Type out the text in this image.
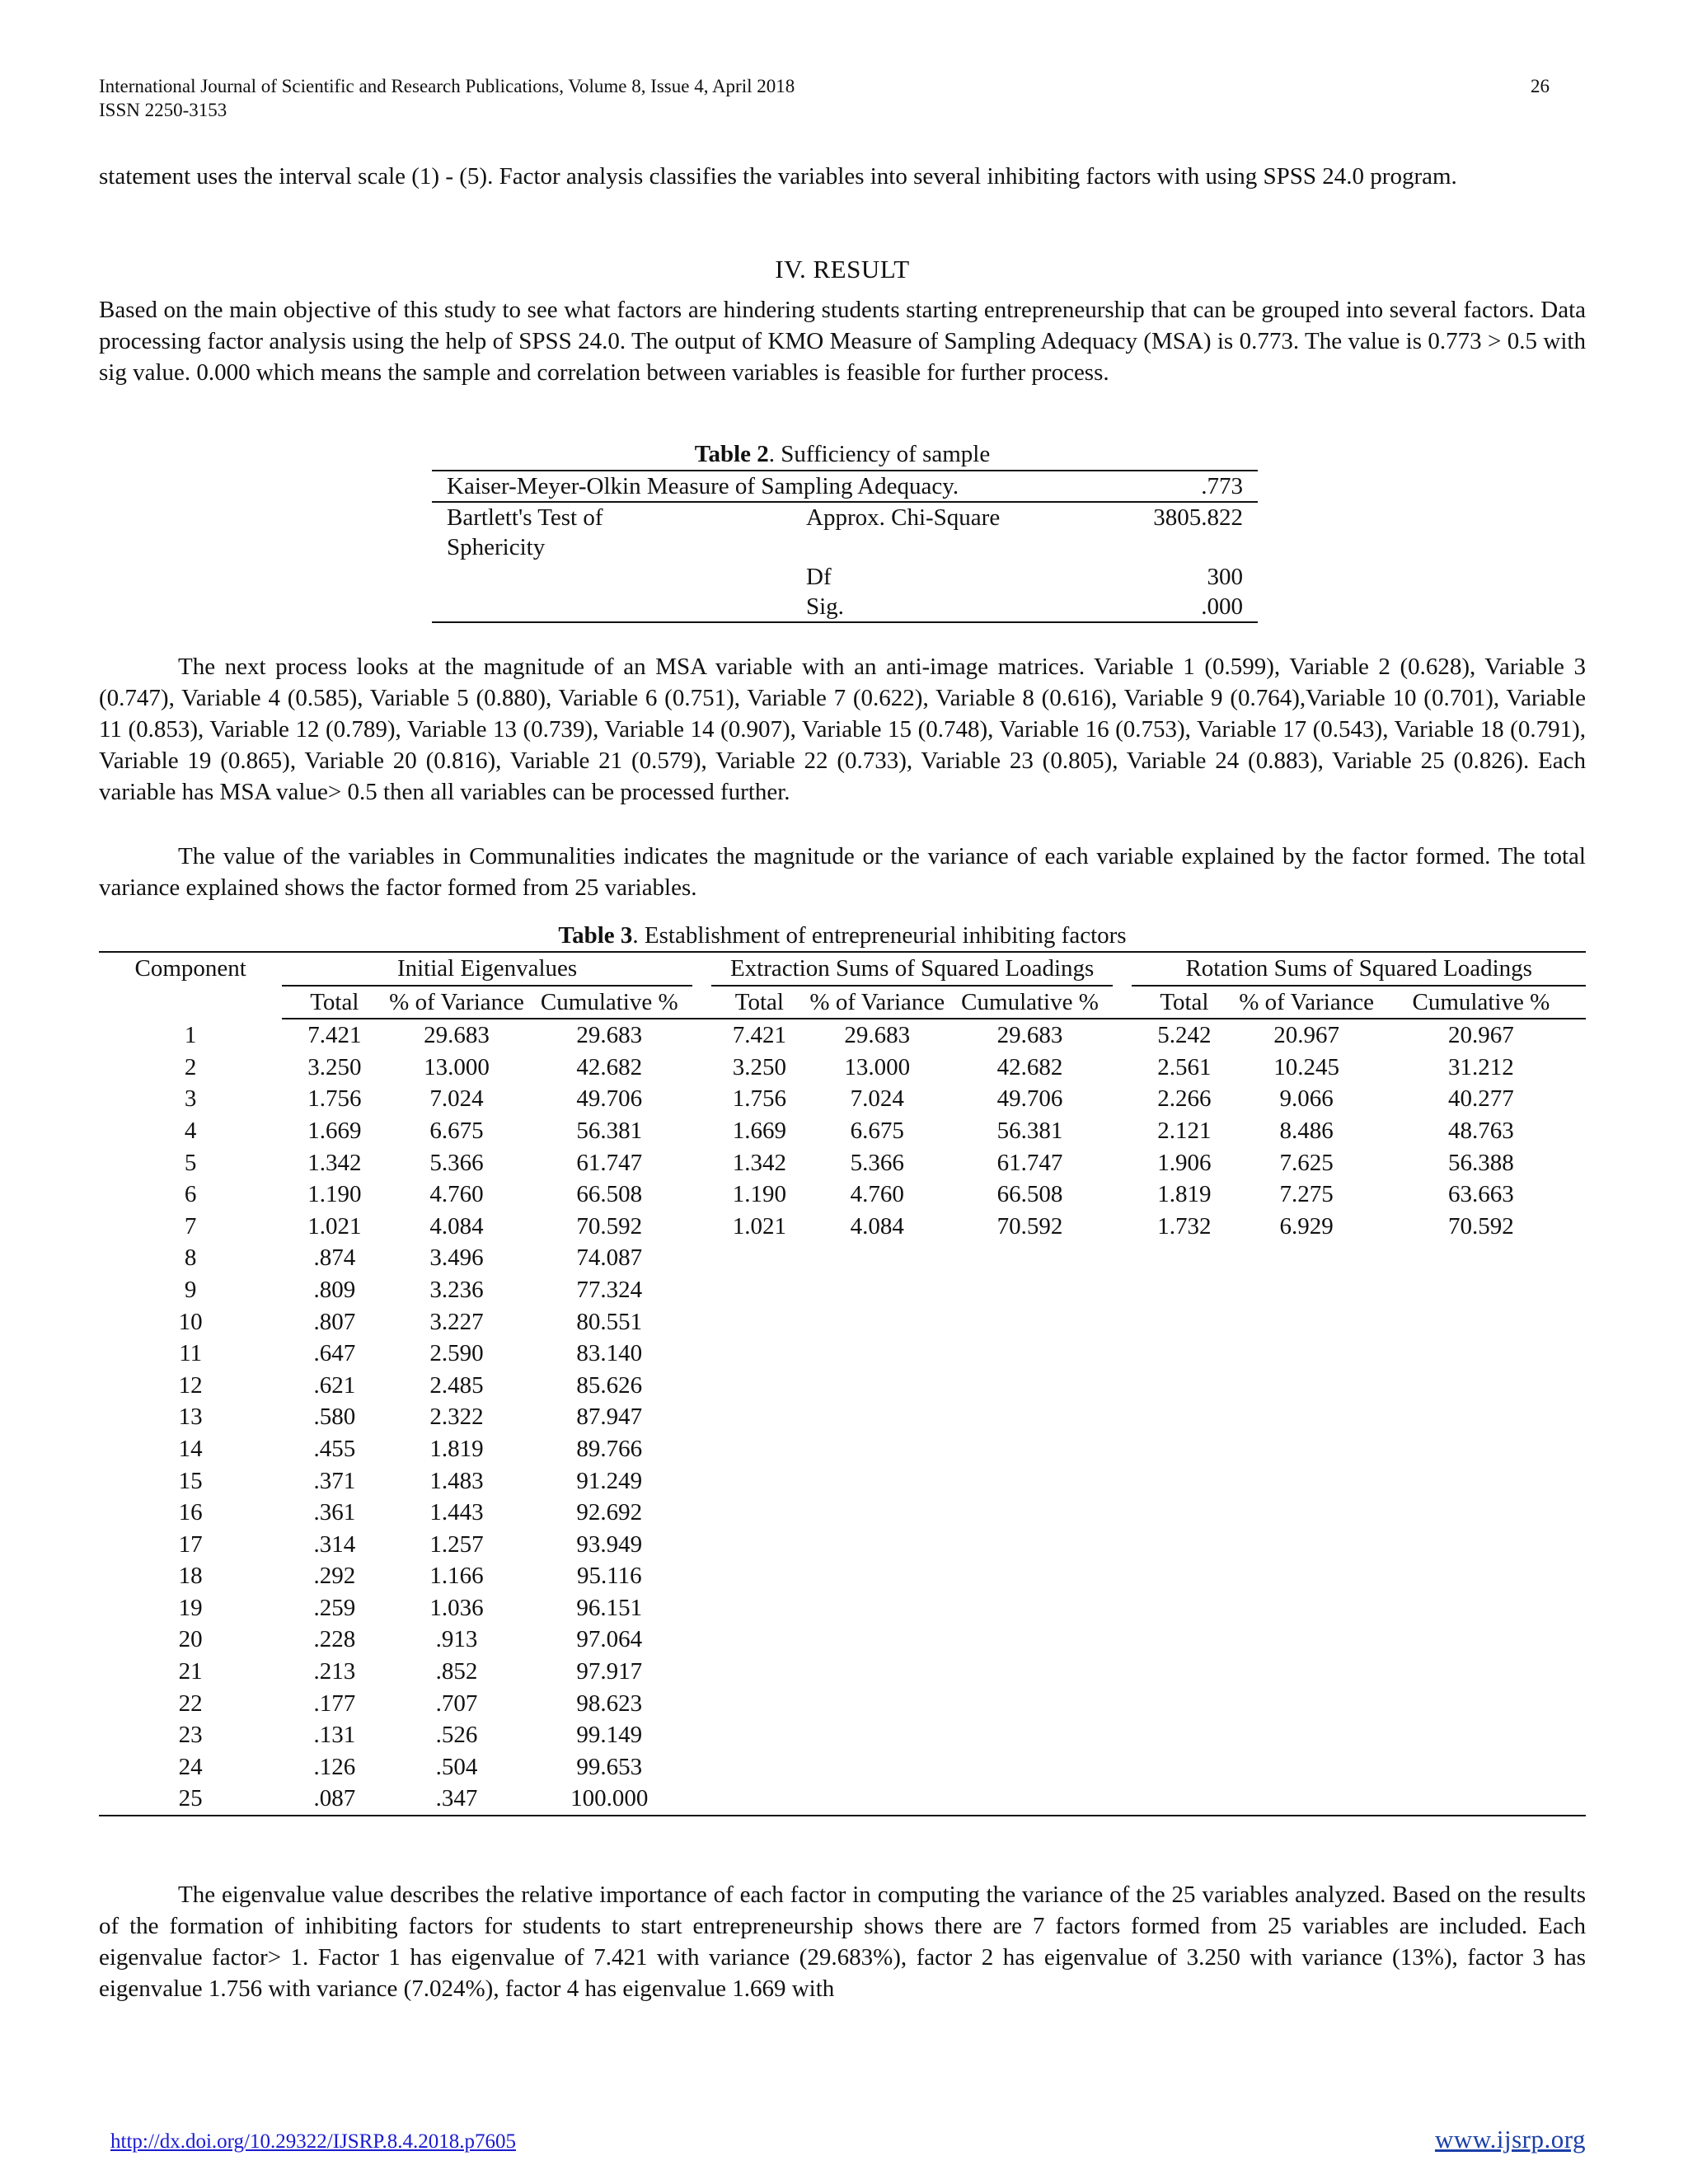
International Journal of Scientific and Research Publications, Volume 8, Issue 4, April 2018	26
ISSN 2250-3153

statement uses the interval scale (1) - (5). Factor analysis classifies the variables into several inhibiting factors with using SPSS 24.0 program.

IV. RESULT

Based on the main objective of this study to see what factors are hindering students starting entrepreneurship that can be grouped into several factors. Data processing factor analysis using the help of SPSS 24.0. The output of KMO Measure of Sampling Adequacy (MSA) is 0.773. The value is 0.773 > 0.5 with sig value. 0.000 which means the sample and correlation between variables is feasible for further process.

Table 2. Sufficiency of sample
Kaiser-Meyer-Olkin Measure of Sampling Adequacy.		.773
Bartlett's Test of	Approx. Chi-Square	3805.822
Sphericity		
	Df	300
	Sig.	.000

The next process looks at the magnitude of an MSA variable with an anti-image matrices. Variable 1 (0.599), Variable 2 (0.628), Variable 3 (0.747), Variable 4 (0.585), Variable 5 (0.880), Variable 6 (0.751), Variable 7 (0.622), Variable 8 (0.616), Variable 9 (0.764),Variable 10 (0.701), Variable 11 (0.853), Variable 12 (0.789), Variable 13 (0.739), Variable 14 (0.907), Variable 15 (0.748), Variable 16 (0.753), Variable 17 (0.543), Variable 18 (0.791), Variable 19 (0.865), Variable 20 (0.816), Variable 21 (0.579), Variable 22 (0.733), Variable 23 (0.805), Variable 24 (0.883), Variable 25 (0.826). Each variable has MSA value> 0.5 then all variables can be processed further.

The value of the variables in Communalities indicates the magnitude or the variance of each variable explained by the factor formed. The total variance explained shows the factor formed from 25 variables.

Table 3. Establishment of entrepreneurial inhibiting factors
Component	Initial Eigenvalues				Extraction Sums of Squared Loadings				Rotation Sums of Squared Loadings		
	Total	% of Variance	Cumulative %		Total	% of Variance	Cumulative %		Total	% of Variance	Cumulative %
1	7.421	29.683	29.683		7.421	29.683	29.683		5.242	20.967	20.967
2	3.250	13.000	42.682		3.250	13.000	42.682		2.561	10.245	31.212
3	1.756	7.024	49.706		1.756	7.024	49.706		2.266	9.066	40.277
4	1.669	6.675	56.381		1.669	6.675	56.381		2.121	8.486	48.763
5	1.342	5.366	61.747		1.342	5.366	61.747		1.906	7.625	56.388
6	1.190	4.760	66.508		1.190	4.760	66.508		1.819	7.275	63.663
7	1.021	4.084	70.592		1.021	4.084	70.592		1.732	6.929	70.592
8	.874	3.496	74.087								
9	.809	3.236	77.324								
10	.807	3.227	80.551								
11	.647	2.590	83.140								
12	.621	2.485	85.626								
13	.580	2.322	87.947								
14	.455	1.819	89.766								
15	.371	1.483	91.249								
16	.361	1.443	92.692								
17	.314	1.257	93.949								
18	.292	1.166	95.116								
19	.259	1.036	96.151								
20	.228	.913	97.064								
21	.213	.852	97.917								
22	.177	.707	98.623								
23	.131	.526	99.149								
24	.126	.504	99.653								
25	.087	.347	100.000								

The eigenvalue value describes the relative importance of each factor in computing the variance of the 25 variables analyzed. Based on the results of the formation of inhibiting factors for students to start entrepreneurship shows there are 7 factors formed from 25 variables are included. Each eigenvalue factor> 1. Factor 1 has eigenvalue of 7.421 with variance (29.683%), factor 2 has eigenvalue of 3.250 with variance (13%), factor 3 has eigenvalue 1.756 with variance (7.024%), factor 4 has eigenvalue 1.669 with

http://dx.doi.org/10.29322/IJSRP.8.4.2018.p7605	www.ijsrp.org
